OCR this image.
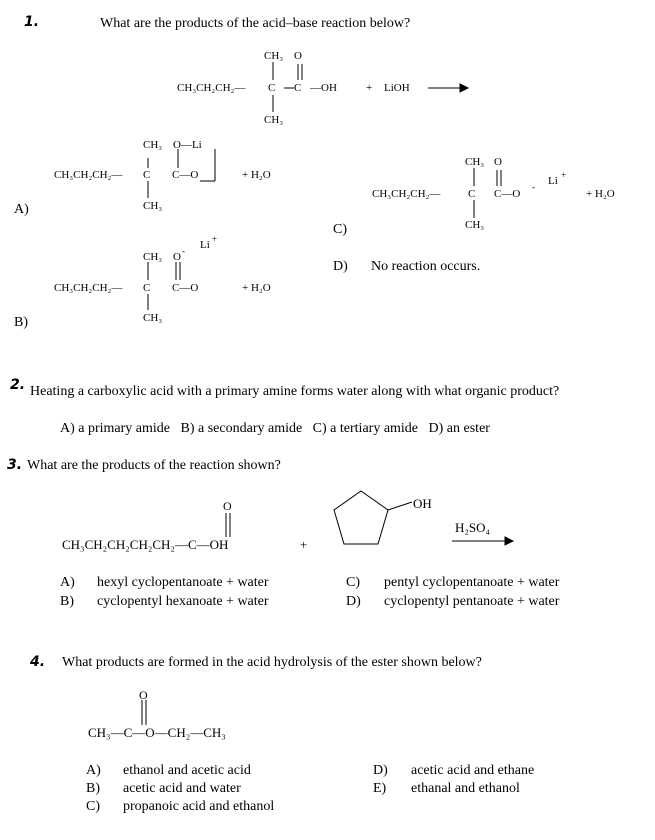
1.	What are the products of the acid–base reaction below?
CH₃ O
CH₃CH₂CH₂— C C —OH	+ LiOH
CH₃
CH₃ O—Li
CH₃CH₂CH₂— C C—O	+ H₂O
CH₃
A)
CH₃ O - Li +
CH₃CH₂CH₂— C C—O	+ H₂O
CH₃
B)
CH₃ O
CH₃CH₂CH₂—	C C—O
- Li +
+ H₂O
CH₃
C)
D) No reaction occurs.
2. Heating a carboxylic acid with a primary amine forms water along with what organic product?
A) a primary amide   B) a secondary amide   C) a tertiary amide   D) an ester
3. What are the products of the reaction shown?
O
CH₃CH₂CH₂CH₂CH₂—C—OH	+
OH
H₂SO₄
A) hexyl cyclopentanoate + water
B) cyclopentyl hexanoate + water
C) pentyl cyclopentanoate + water
D) cyclopentyl pentanoate + water
4. What products are formed in the acid hydrolysis of the ester shown below?
O
CH₃—C—O—CH₂—CH₃
A) ethanol and acetic acid
B) acetic acid and water
C) propanoic acid and ethanol
D) acetic acid and ethane
E) ethanal and ethanol
